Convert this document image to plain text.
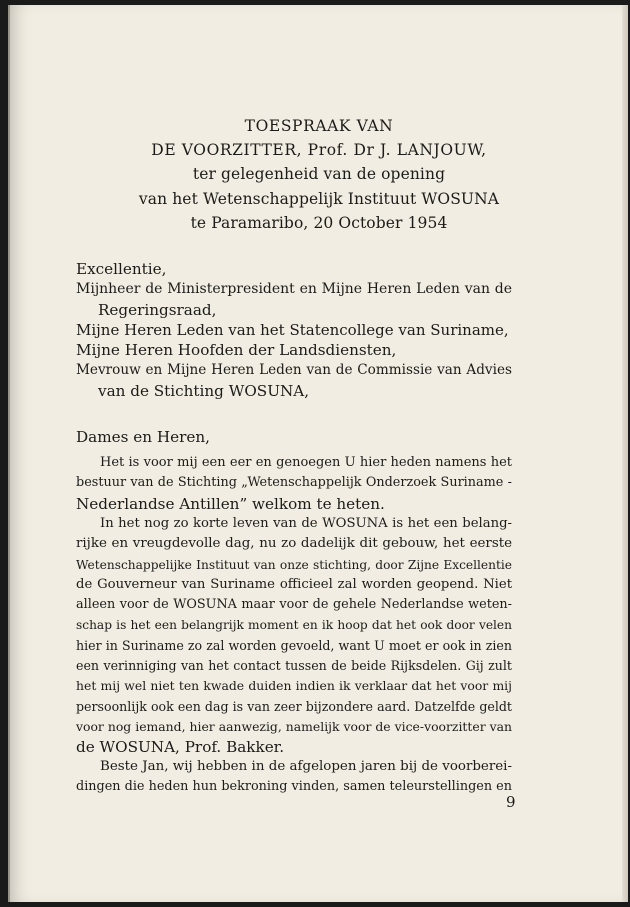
TOESPRAAK VAN
DE VOORZITTER, Prof. Dr J. LANJOUW,
ter gelegenheid van de opening
van het Wetenschappelijk Instituut WOSUNA
te Paramaribo, 20 October 1954
Excellentie,
Mijnheer de Ministerpresident en Mijne Heren Leden van de
Regeringsraad,
Mijne Heren Leden van het Statencollege van Suriname,
Mijne Heren Hoofden der Landsdiensten,
Mevrouw en Mijne Heren Leden van de Commissie van Advies
van de Stichting WOSUNA,
Dames en Heren,
Het is voor mij een eer en genoegen U hier heden namens het
bestuur van de Stichting „Wetenschappelijk Onderzoek Suriname -
Nederlandse Antillen” welkom te heten.
In het nog zo korte leven van de WOSUNA is het een belang-
rijke en vreugdevolle dag, nu zo dadelijk dit gebouw, het eerste
Wetenschappelijke Instituut van onze stichting, door Zijne Excellentie
de Gouverneur van Suriname officieel zal worden geopend. Niet
alleen voor de WOSUNA maar voor de gehele Nederlandse weten-
schap is het een belangrijk moment en ik hoop dat het ook door velen
hier in Suriname zo zal worden gevoeld, want U moet er ook in zien
een verinniging van het contact tussen de beide Rijksdelen. Gij zult
het mij wel niet ten kwade duiden indien ik verklaar dat het voor mij
persoonlijk ook een dag is van zeer bijzondere aard. Datzelfde geldt
voor nog iemand, hier aanwezig, namelijk voor de vice-voorzitter van
de WOSUNA, Prof. Bakker.
Beste Jan, wij hebben in de afgelopen jaren bij de voorberei-
dingen die heden hun bekroning vinden, samen teleurstellingen en
9
